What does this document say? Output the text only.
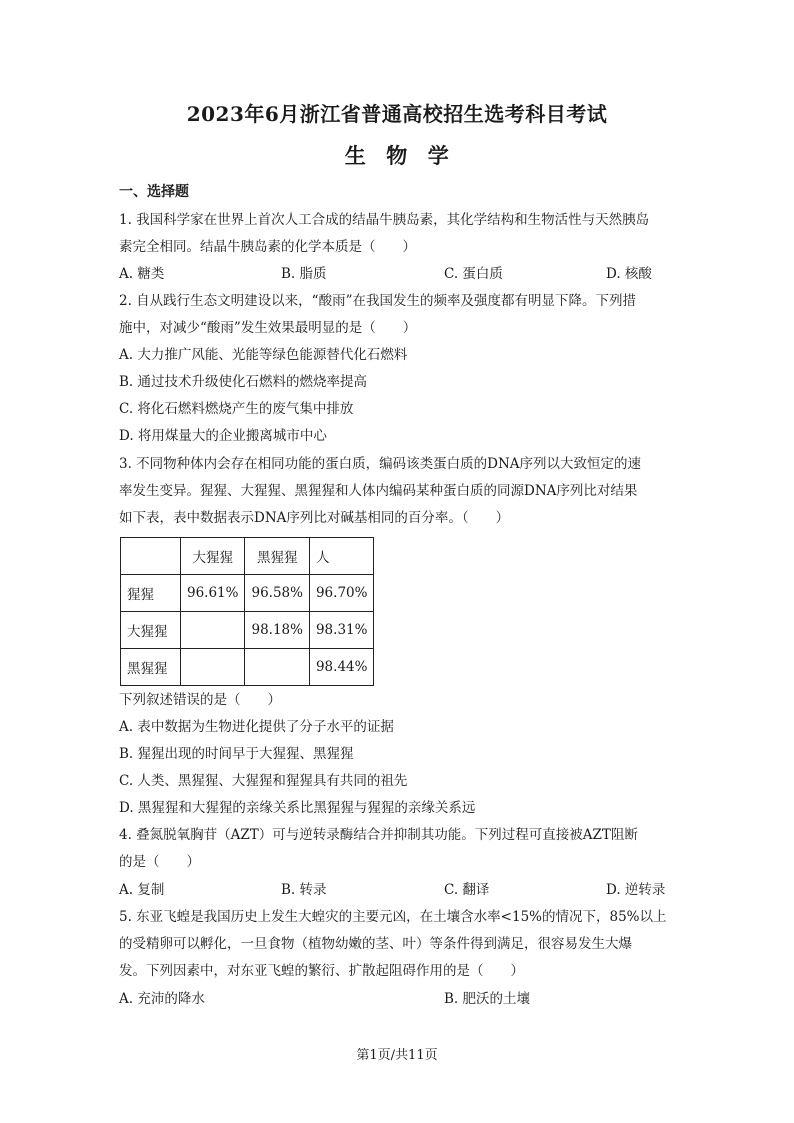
2023年6月浙江省普通高校招生选考科目考试
生 物 学
一、选择题
1. 我国科学家在世界上首次人工合成的结晶牛胰岛素，其化学结构和生物活性与天然胰岛
素完全相同。结晶牛胰岛素的化学本质是（　　）
A. 糖类	B. 脂质	C. 蛋白质	D. 核酸
2. 自从践行生态文明建设以来，“酸雨”在我国发生的频率及强度都有明显下降。下列措
施中，对减少“酸雨”发生效果最明显的是（　　）
A. 大力推广风能、光能等绿色能源替代化石燃料
B. 通过技术升级使化石燃料的燃烧率提高
C. 将化石燃料燃烧产生的废气集中排放
D. 将用煤量大的企业搬离城市中心
3. 不同物种体内会存在相同功能的蛋白质，编码该类蛋白质的DNA序列以大致恒定的速
率发生变异。猩猩、大猩猩、黑猩猩和人体内编码某种蛋白质的同源DNA序列比对结果
如下表，表中数据表示DNA序列比对碱基相同的百分率。（　　）
	大猩猩	黑猩猩	人
猩猩	96.61%	96.58%	96.70%
大猩猩		98.18%	98.31%
黑猩猩			98.44%
下列叙述错误的是（　　）
A. 表中数据为生物进化提供了分子水平的证据
B. 猩猩出现的时间早于大猩猩、黑猩猩
C. 人类、黑猩猩、大猩猩和猩猩具有共同的祖先
D. 黑猩猩和大猩猩的亲缘关系比黑猩猩与猩猩的亲缘关系远
4. 叠氮脱氧胸苷（AZT）可与逆转录酶结合并抑制其功能。下列过程可直接被AZT阻断
的是（　　）
A. 复制	B. 转录	C. 翻译	D. 逆转录
5. 东亚飞蝗是我国历史上发生大蝗灾的主要元凶，在土壤含水率<15%的情况下，85%以上
的受精卵可以孵化，一旦食物（植物幼嫩的茎、叶）等条件得到满足，很容易发生大爆
发。下列因素中，对东亚飞蝗的繁衍、扩散起阻碍作用的是（　　）
A. 充沛的降水	B. 肥沃的土壤
第1页/共11页
